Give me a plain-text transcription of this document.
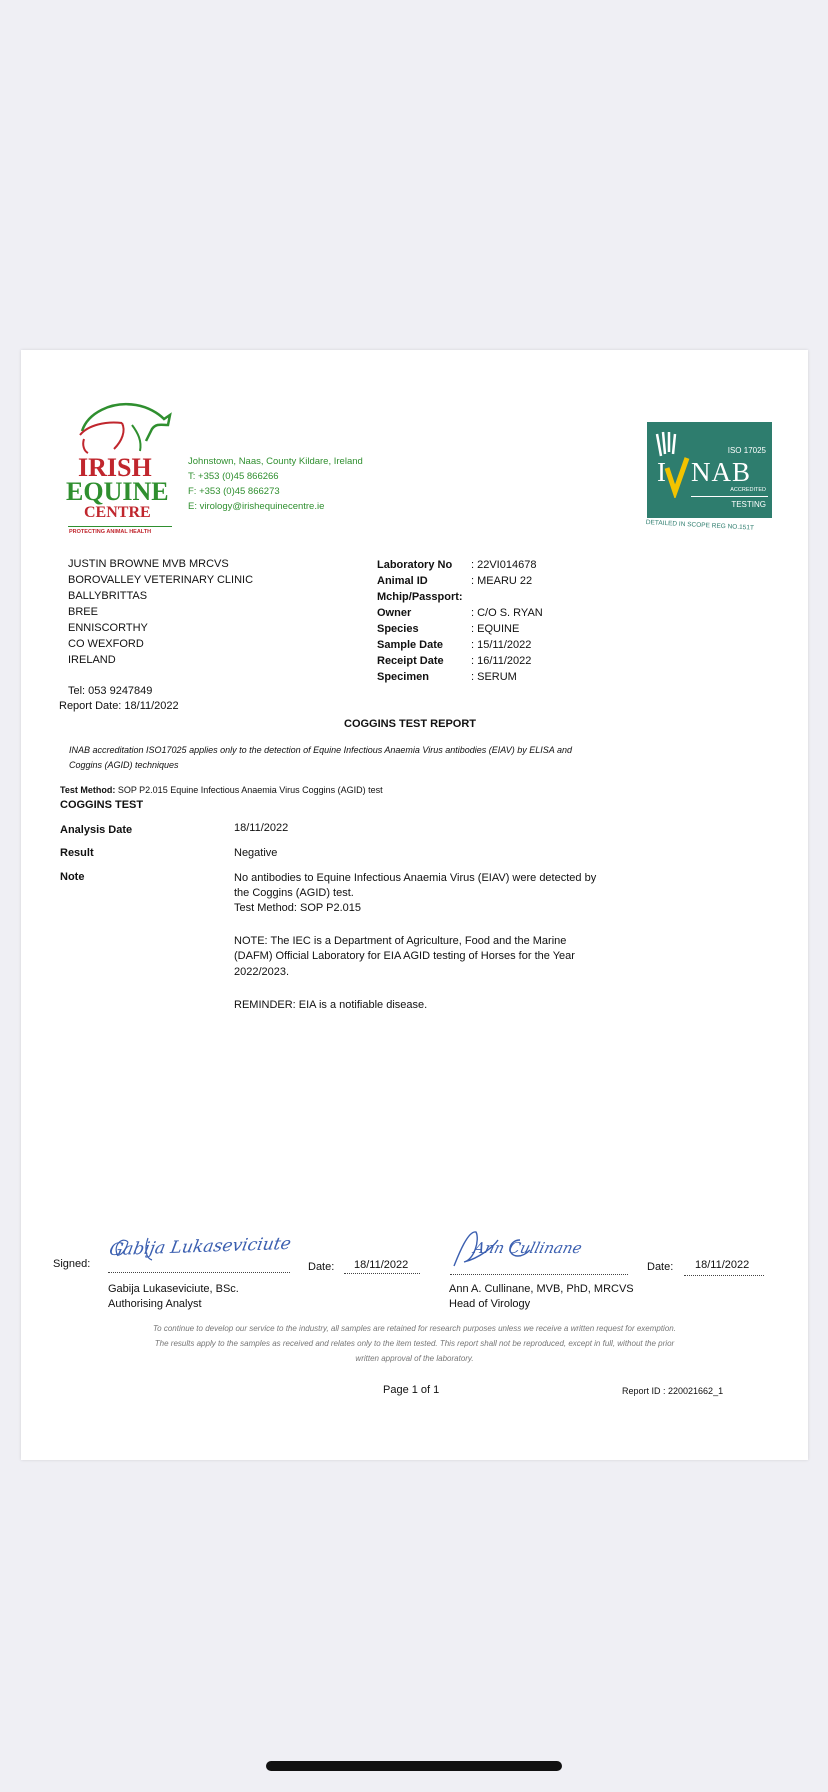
IRISH
EQUINE
CENTRE
PROTECTING ANIMAL HEALTH
Johnstown, Naas, County Kildare, Ireland
T: +353 (0)45 866266
F: +353 (0)45 866273
E: virology@irishequinecentre.ie
ISO 17025
I NAB
ACCREDITED
TESTING
DETAILED IN SCOPE REG NO.151T
JUSTIN BROWNE MVB MRCVS
BOROVALLEY VETERINARY CLINIC
BALLYBRITTAS
BREE
ENNISCORTHY
CO WEXFORD
IRELAND
Tel: 053 9247849
Report Date: 18/11/2022
Laboratory No : 22VI014678
Animal ID	: MEARU 22
Mchip/Passport:
Owner	: C/O S. RYAN
Species	: EQUINE
Sample Date	: 15/11/2022
Receipt Date : 16/11/2022
Specimen	: SERUM
COGGINS TEST REPORT
INAB accreditation ISO17025 applies only to the detection of Equine Infectious Anaemia Virus antibodies (EIAV) by ELISA and
Coggins (AGID) techniques
Test Method: SOP P2.015 Equine Infectious Anaemia Virus Coggins (AGID) test
COGGINS TEST
Analysis Date	18/11/2022
Result	Negative
Note	No antibodies to Equine Infectious Anaemia Virus (EIAV) were detected by
the Coggins (AGID) test.
Test Method: SOP P2.015
NOTE: The IEC is a Department of Agriculture, Food and the Marine
(DAFM) Official Laboratory for EIA AGID testing of Horses for the Year
2022/2023.
REMINDER: EIA is a notifiable disease.
Signed:
Gabija Lukaseviciute
Date: 18/11/2022
Gabija Lukaseviciute, BSc.
Authorising Analyst
Ann Cullinane
Date: 18/11/2022
Ann A. Cullinane, MVB, PhD, MRCVS
Head of Virology
To continue to develop our service to the industry, all samples are retained for research purposes unless we receive a written request for exemption.
The results apply to the samples as received and relates only to the item tested. This report shall not be reproduced, except in full, without the prior
written approval of the laboratory.
Page 1 of 1	Report ID : 220021662_1
